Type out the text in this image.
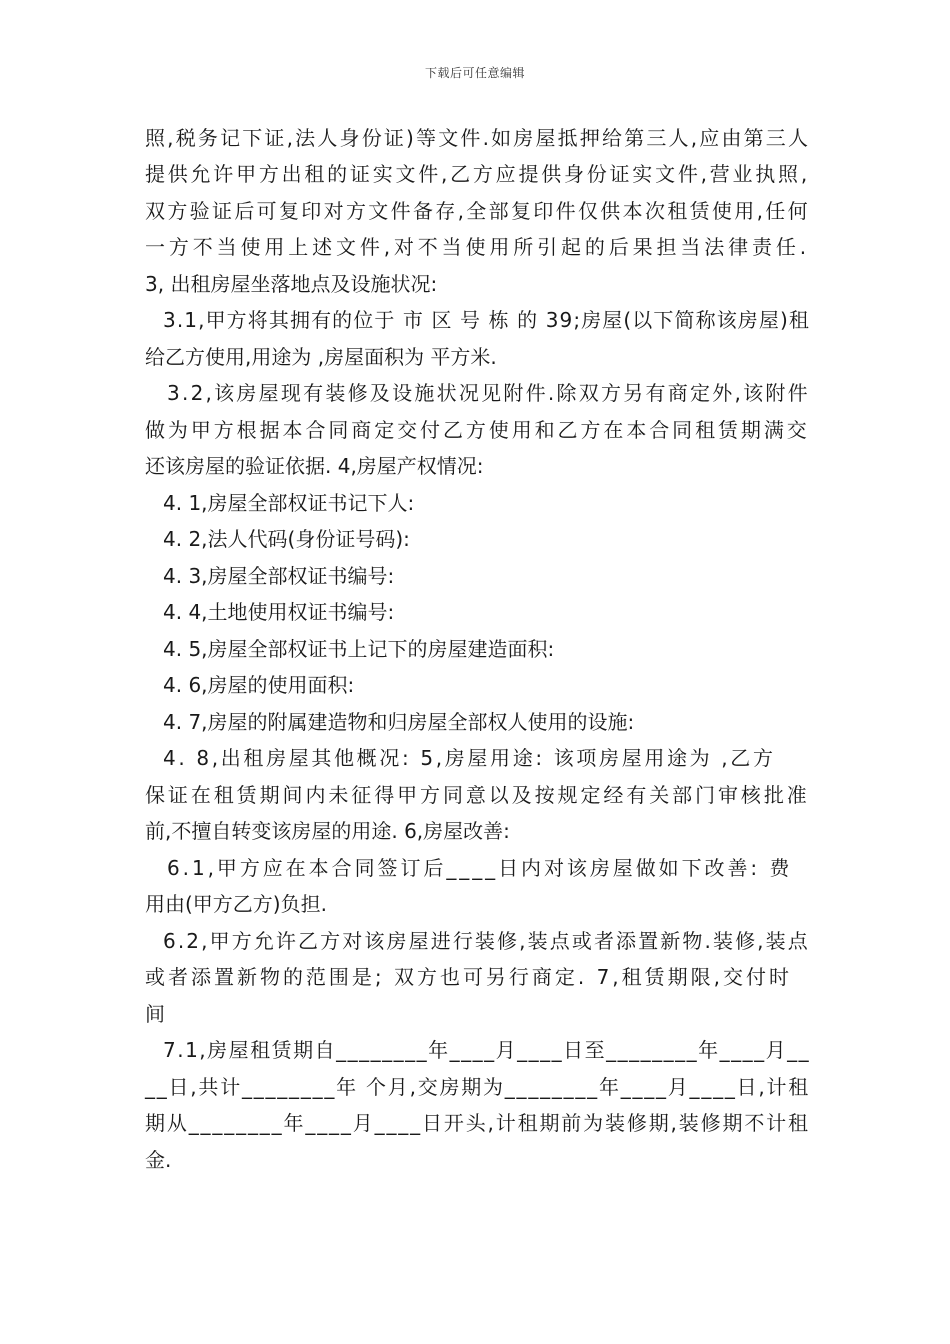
下载后可任意编辑
照,税务记下证,法人身份证)等文件.如房屋抵押给第三人,应由第三人
提供允许甲方出租的证实文件,乙方应提供身份证实文件,营业执照,
双方验证后可复印对方文件备存,全部复印件仅供本次租赁使用,任何
一方不当使用上述文件,对不当使用所引起的后果担当法律责任.
3, 出租房屋坐落地点及设施状况:
3.1,甲方将其拥有的位于 市 区 号 栋 的 39;房屋(以下简称该房屋)租
给乙方使用,用途为 ,房屋面积为 平方米.
3.2,该房屋现有装修及设施状况见附件.除双方另有商定外,该附件
做为甲方根据本合同商定交付乙方使用和乙方在本合同租赁期满交
还该房屋的验证依据. 4,房屋产权情况:
4. 1,房屋全部权证书记下人:
4. 2,法人代码(身份证号码):
4. 3,房屋全部权证书编号:
4. 4,土地使用权证书编号:
4. 5,房屋全部权证书上记下的房屋建造面积:
4. 6,房屋的使用面积:
4. 7,房屋的附属建造物和归房屋全部权人使用的设施:
4. 8,出租房屋其他概况: 5,房屋用途: 该项房屋用途为 ,乙方
保证在租赁期间内未征得甲方同意以及按规定经有关部门审核批准
前,不擅自转变该房屋的用途. 6,房屋改善:
6.1,甲方应在本合同签订后____日内对该房屋做如下改善: 费
用由(甲方乙方)负担.
6.2,甲方允许乙方对该房屋进行装修,装点或者添置新物.装修,装点
或者添置新物的范围是; 双方也可另行商定. 7,租赁期限,交付时
间
7.1,房屋租赁期自________年____月____日至________年____月__
__日,共计________年 个月,交房期为________年____月____日,计租
期从________年____月____日开头,计租期前为装修期,装修期不计租
金.
